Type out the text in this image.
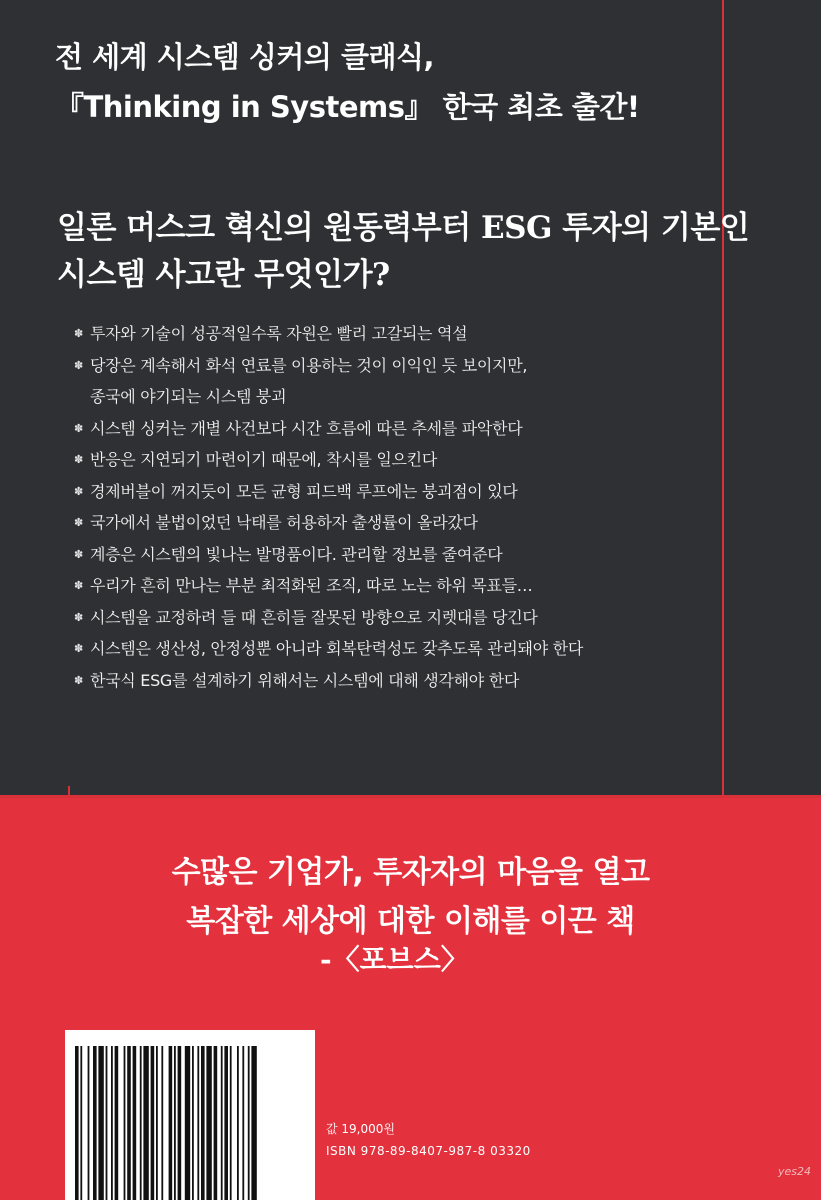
전 세계 시스템 싱커의 클래식,
『Thinking in Systems』 한국 최초 출간!
일론 머스크 혁신의 원동력부터 ESG 투자의 기본인
시스템 사고란 무엇인가?
✽ 투자와 기술이 성공적일수록 자원은 빨리 고갈되는 역설
✽ 당장은 계속해서 화석 연료를 이용하는 것이 이익인 듯 보이지만,
종국에 야기되는 시스템 붕괴
✽ 시스템 싱커는 개별 사건보다 시간 흐름에 따른 추세를 파악한다
✽ 반응은 지연되기 마련이기 때문에, 착시를 일으킨다
✽ 경제버블이 꺼지듯이 모든 균형 피드백 루프에는 붕괴점이 있다
✽ 국가에서 불법이었던 낙태를 허용하자 출생률이 올라갔다
✽ 계층은 시스템의 빛나는 발명품이다. 관리할 정보를 줄여준다
✽ 우리가 흔히 만나는 부분 최적화된 조직, 따로 노는 하위 목표들…
✽ 시스템을 교정하려 들 때 흔히들 잘못된 방향으로 지렛대를 당긴다
✽ 시스템은 생산성, 안정성뿐 아니라 회복탄력성도 갖추도록 관리돼야 한다
✽ 한국식 ESG를 설계하기 위해서는 시스템에 대해 생각해야 한다

수많은 기업가, 투자자의 마음을 열고
복잡한 세상에 대한 이해를 이끈 책

-〈포브스〉

값 19,000원

ISBN 978-89-8407-987-8 03320

yes24
